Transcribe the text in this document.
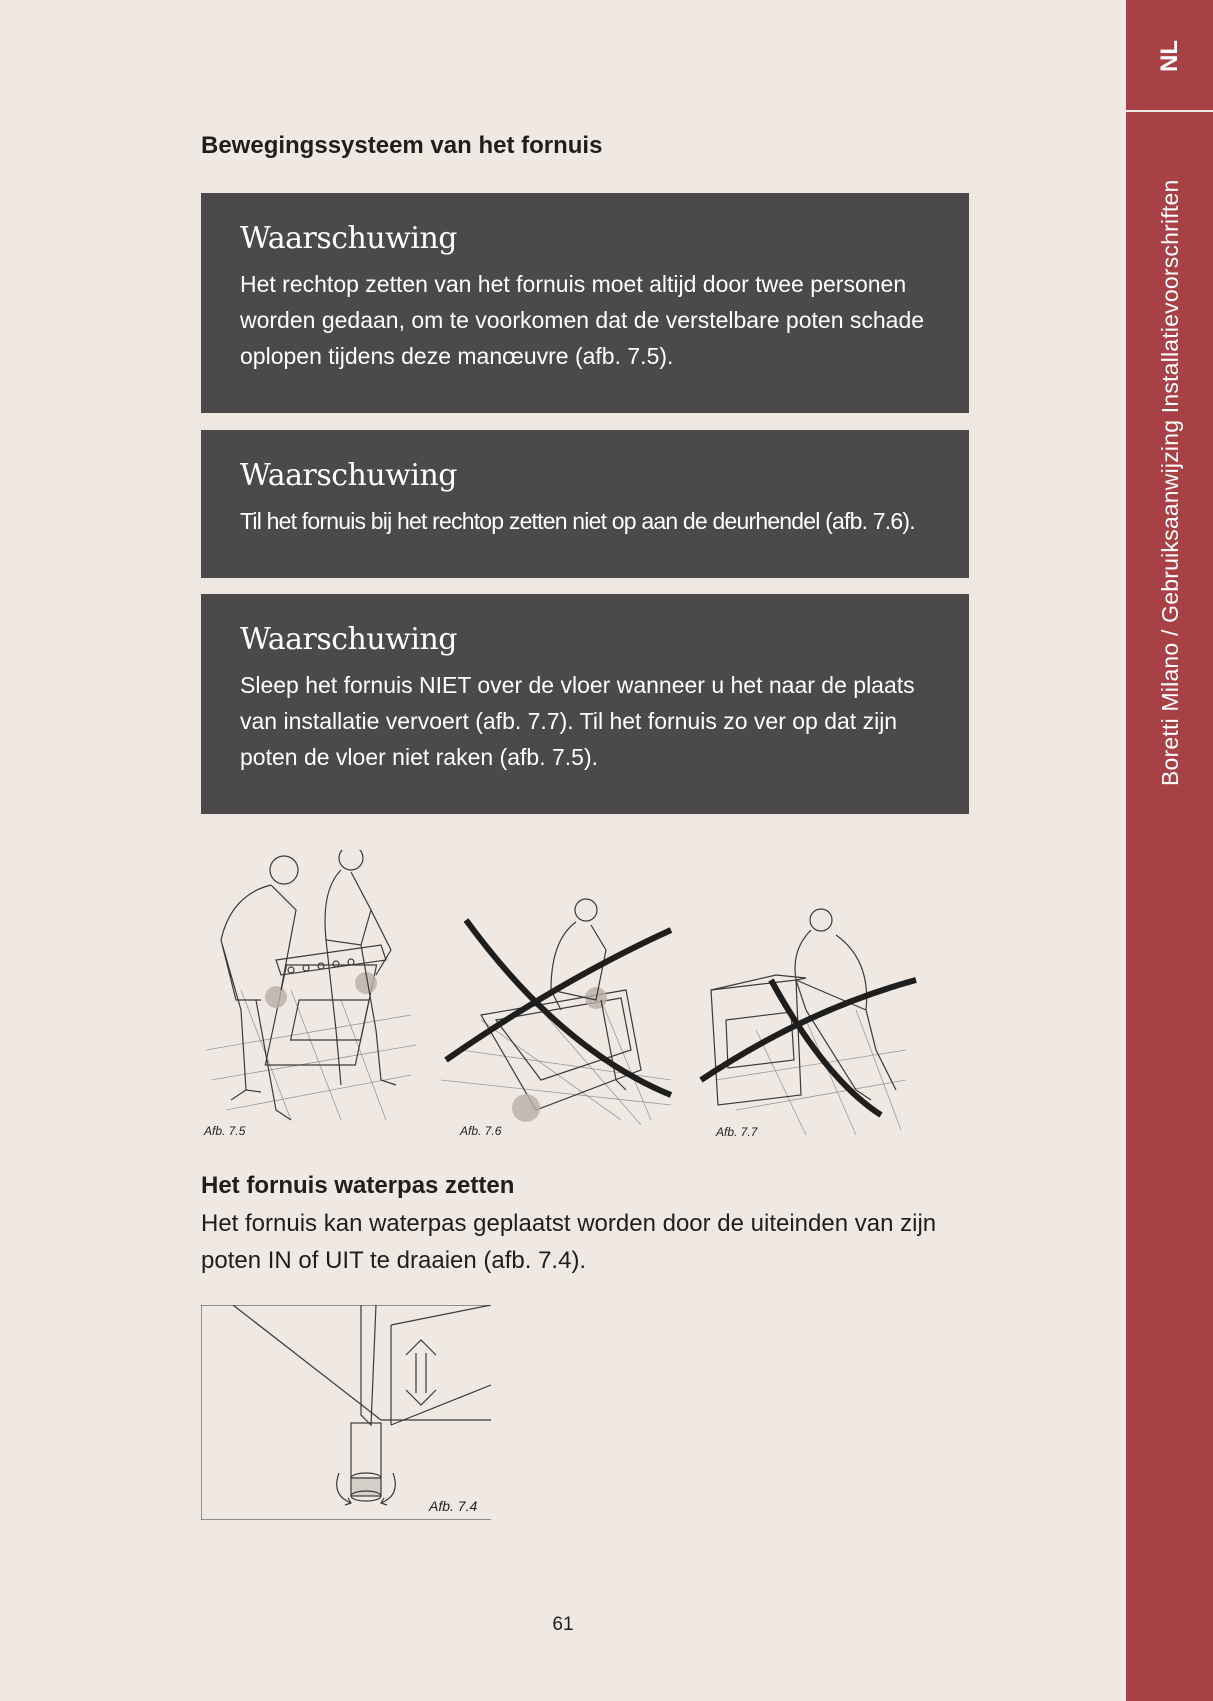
NL
Boretti Milano / Gebruiksaanwijzing Installatievoorschriften
Bewegingssysteem van het fornuis
Waarschuwing

Het rechtop zetten van het fornuis moet altijd door twee personen worden gedaan, om te voorkomen dat de verstelbare poten schade oplopen tijdens deze manœuvre (afb. 7.5).

Waarschuwing

Til het fornuis bij het rechtop zetten niet op aan de deurhendel (afb. 7.6).

Waarschuwing

Sleep het fornuis NIET over de vloer wanneer u het naar de plaats van installatie vervoert (afb. 7.7). Til het fornuis zo ver op dat zijn poten de vloer niet raken (afb. 7.5).

Afb. 7.5	Afb. 7.6	Afb. 7.7
Het fornuis waterpas zetten

Het fornuis kan waterpas geplaatst worden door de uiteinden van zijn poten IN of UIT te draaien (afb. 7.4).

Afb. 7.4
61
